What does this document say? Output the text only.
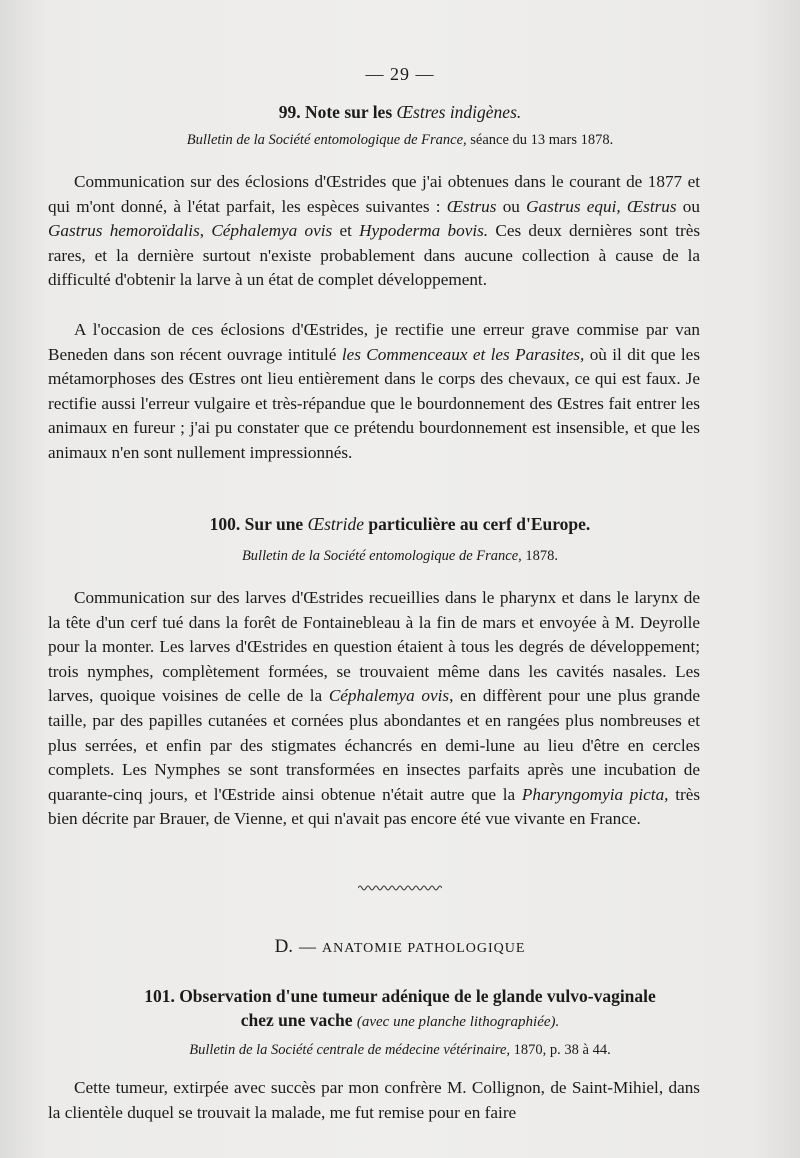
— 29 —
99. Note sur les Œstres indigènes.
Bulletin de la Société entomologique de France, séance du 13 mars 1878.

Communication sur des éclosions d'Œstrides que j'ai obtenues dans le courant de 1877 et qui m'ont donné, à l'état parfait, les espèces suivantes : Œstrus ou Gastrus equi, Œstrus ou Gastrus hemoroïdalis, Céphalemya ovis et Hypoderma bovis. Ces deux dernières sont très rares, et la dernière surtout n'existe probablement dans aucune collection à cause de la difficulté d'obtenir la larve à un état de complet développement.

A l'occasion de ces éclosions d'Œstrides, je rectifie une erreur grave commise par van Beneden dans son récent ouvrage intitulé les Commenceaux et les Parasites, où il dit que les métamorphoses des Œstres ont lieu entièrement dans le corps des chevaux, ce qui est faux. Je rectifie aussi l'erreur vulgaire et très-répandue que le bourdonnement des Œstres fait entrer les animaux en fureur ; j'ai pu constater que ce prétendu bourdonnement est insensible, et que les animaux n'en sont nullement impressionnés.

100. Sur une Œstride particulière au cerf d'Europe.
Bulletin de la Société entomologique de France, 1878.

Communication sur des larves d'Œstrides recueillies dans le pharynx et dans le larynx de la tête d'un cerf tué dans la forêt de Fontainebleau à la fin de mars et envoyée à M. Deyrolle pour la monter. Les larves d'Œstrides en question étaient à tous les degrés de développement; trois nymphes, complètement formées, se trouvaient même dans les cavités nasales. Les larves, quoique voisines de celle de la Céphalemya ovis, en diffèrent pour une plus grande taille, par des papilles cutanées et cornées plus abondantes et en rangées plus nombreuses et plus serrées, et enfin par des stigmates échancrés en demi-lune au lieu d'être en cercles complets. Les Nymphes se sont transformées en insectes parfaits après une incubation de quarante-cinq jours, et l'Œstride ainsi obtenue n'était autre que la Pharyngomyia picta, très bien décrite par Brauer, de Vienne, et qui n'avait pas encore été vue vivante en France.

D. — ANATOMIE PATHOLOGIQUE
101. Observation d'une tumeur adénique de le glande vulvo-vaginale
chez une vache (avec une planche lithographiée).
Bulletin de la Société centrale de médecine vétérinaire, 1870, p. 38 à 44.

Cette tumeur, extirpée avec succès par mon confrère M. Collignon, de Saint-Mihiel, dans la clientèle duquel se trouvait la malade, me fut remise pour en faire
